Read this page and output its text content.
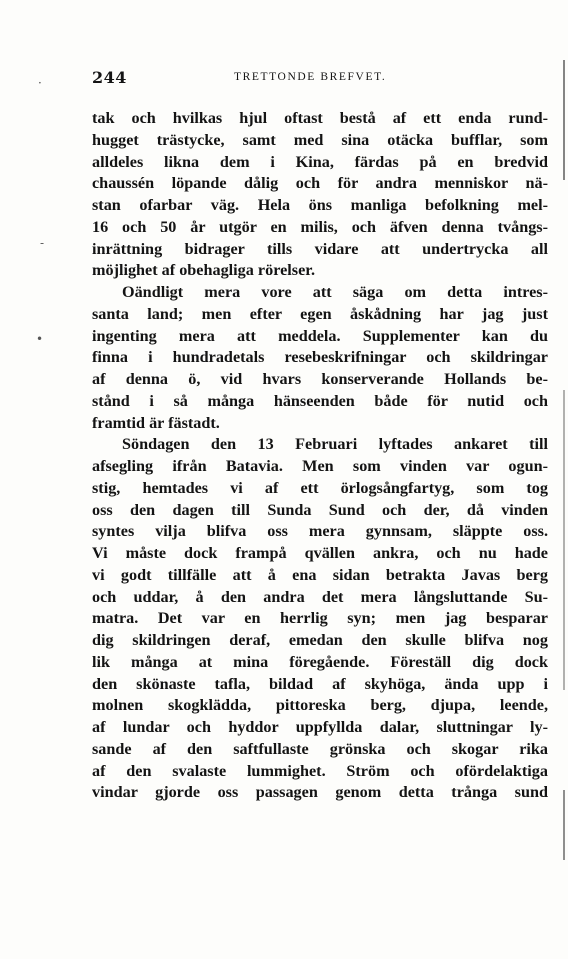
244	TRETTONDE BREFVET.
tak och hvilkas hjul oftast bestå af ett enda rund-
hugget trästycke, samt med sina otäcka bufflar, som
alldeles likna dem i Kina, färdas på en bredvid
chaussén löpande dålig och för andra menniskor nä-
stan ofarbar väg. Hela öns manliga befolkning mel-
16 och 50 år utgör en milis, och äfven denna tvångs-
inrättning bidrager tills vidare att undertrycka all
möjlighet af obehagliga rörelser.
Oändligt mera vore att säga om detta intres-
santa land; men efter egen åskådning har jag just
ingenting mera att meddela. Supplementer kan du
finna i hundradetals resebeskrifningar och skildringar
af denna ö, vid hvars konserverande Hollands be-
stånd i så många hänseenden både för nutid och
framtid är fästadt.
Söndagen den 13 Februari lyftades ankaret till
afsegling ifrån Batavia. Men som vinden var ogun-
stig, hemtades vi af ett örlogsångfartyg, som tog
oss den dagen till Sunda Sund och der, då vinden
syntes vilja blifva oss mera gynnsam, släppte oss.
Vi måste dock frampå qvällen ankra, och nu hade
vi godt tillfälle att å ena sidan betrakta Javas berg
och uddar, å den andra det mera långsluttande Su-
matra. Det var en herrlig syn; men jag besparar
dig skildringen deraf, emedan den skulle blifva nog
lik många at mina föregående. Föreställ dig dock
den skönaste tafla, bildad af skyhöga, ända upp i
molnen skogklädda, pittoreska berg, djupa, leende,
af lundar och hyddor uppfyllda dalar, sluttningar ly-
sande af den saftfullaste grönska och skogar rika
af den svalaste lummighet. Ström och ofördelaktiga
vindar gjorde oss passagen genom detta trånga sund
·
-
•
